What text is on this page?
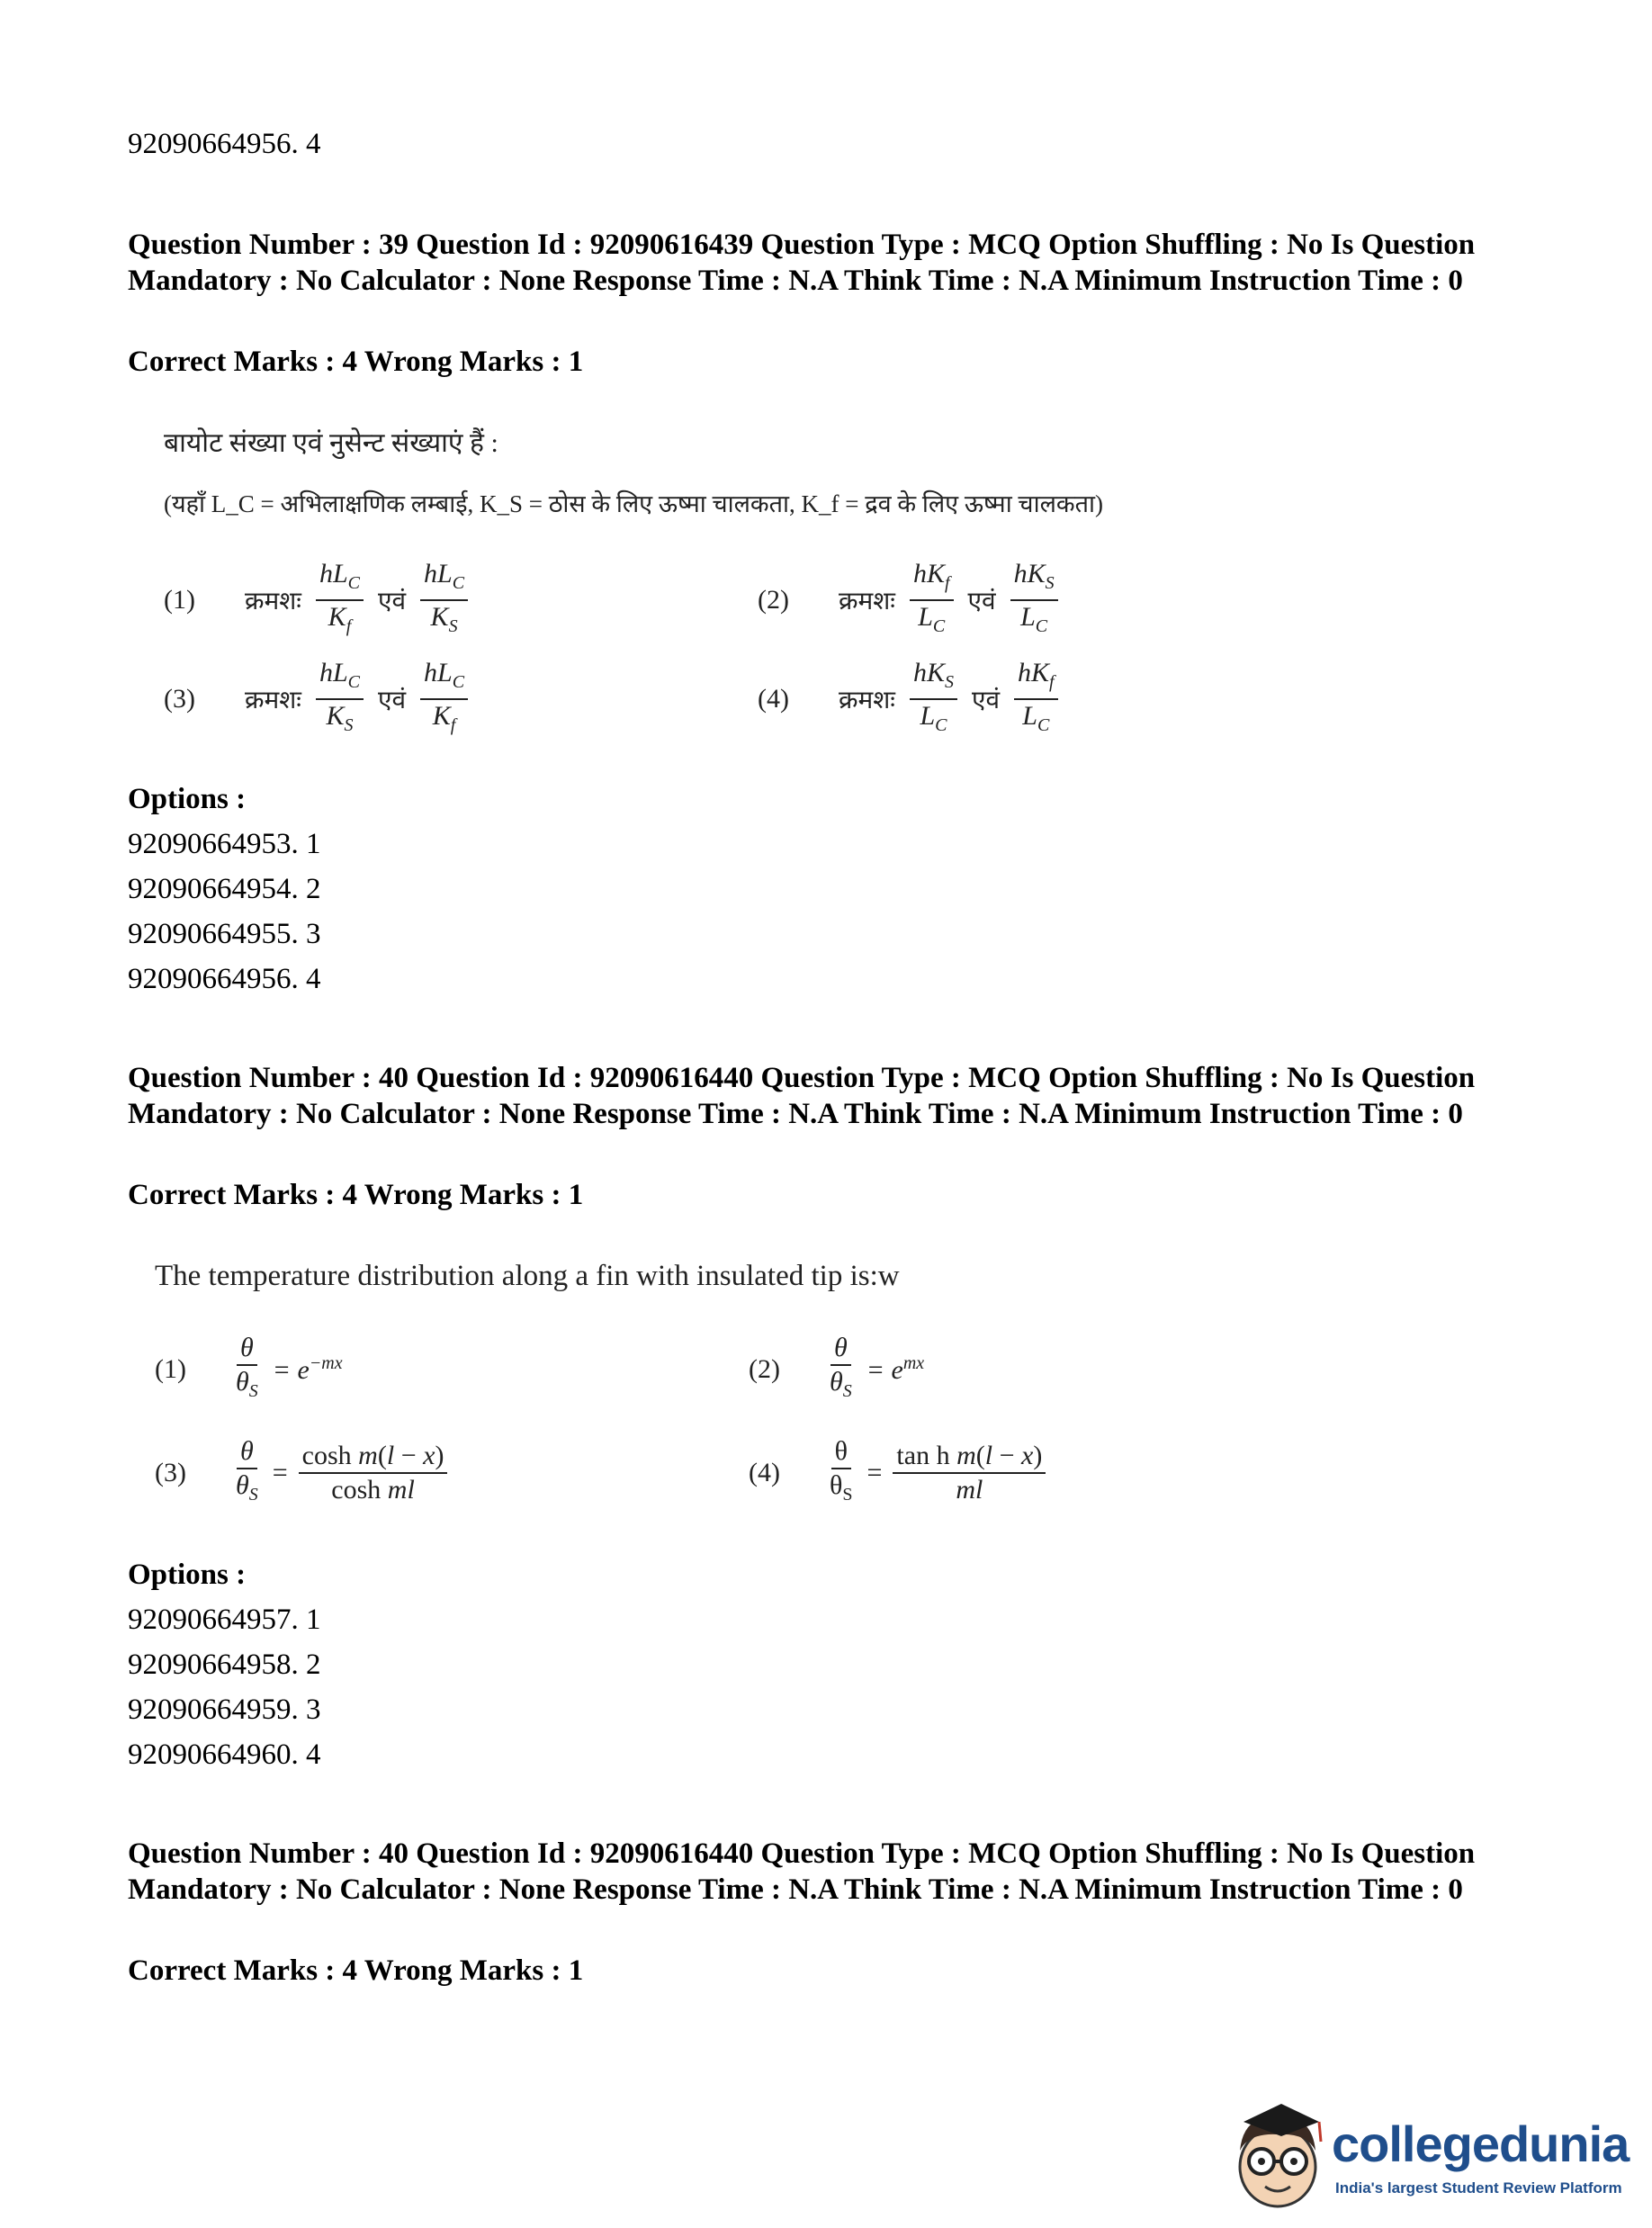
92090664956. 4
Question Number : 39 Question Id : 92090616439 Question Type : MCQ Option Shuffling : No Is Question Mandatory : No Calculator : None Response Time : N.A Think Time : N.A Minimum Instruction Time : 0
Correct Marks : 4 Wrong Marks : 1
बायोट संख्या एवं नुसेन्ट संख्याएं हैं :
(यहाँ L_C = अभिलाक्षणिक लम्बाई, K_S = ठोस के लिए ऊष्मा चालकता, K_f = द्रव के लिए ऊष्मा चालकता)
(1)	क्रमशः $\frac{hL_C}{K_f}$ एवं $\frac{hL_C}{K_S}$	(2)	क्रमशः $\frac{hK_f}{L_C}$ एवं $\frac{hK_S}{L_C}$
(3)	क्रमशः $\frac{hL_C}{K_S}$ एवं $\frac{hL_C}{K_f}$	(4)	क्रमशः $\frac{hK_S}{L_C}$ एवं $\frac{hK_f}{L_C}$
Options :
92090664953. 1
92090664954. 2
92090664955. 3
92090664956. 4
Question Number : 40 Question Id : 92090616440 Question Type : MCQ Option Shuffling : No Is Question Mandatory : No Calculator : None Response Time : N.A Think Time : N.A Minimum Instruction Time : 0
Correct Marks : 4 Wrong Marks : 1
The temperature distribution along a fin with insulated tip is:w
(1)	$\frac{\theta}{\theta_S} = e^{-mx}$	(2)	$\frac{\theta}{\theta_S} = e^{mx}$
(3)	$\frac{\theta}{\theta_S} = \frac{\text{cosh m(l − x)}}{\text{cosh ml}}$	(4)	$\frac{\theta}{\theta_S} = \frac{\text{tan h m(l − x)}}{ml}$
Options :
92090664957. 1
92090664958. 2
92090664959. 3
92090664960. 4
Question Number : 40 Question Id : 92090616440 Question Type : MCQ Option Shuffling : No Is Question Mandatory : No Calculator : None Response Time : N.A Think Time : N.A Minimum Instruction Time : 0
Correct Marks : 4 Wrong Marks : 1
collegedunia
India's largest Student Review Platform
